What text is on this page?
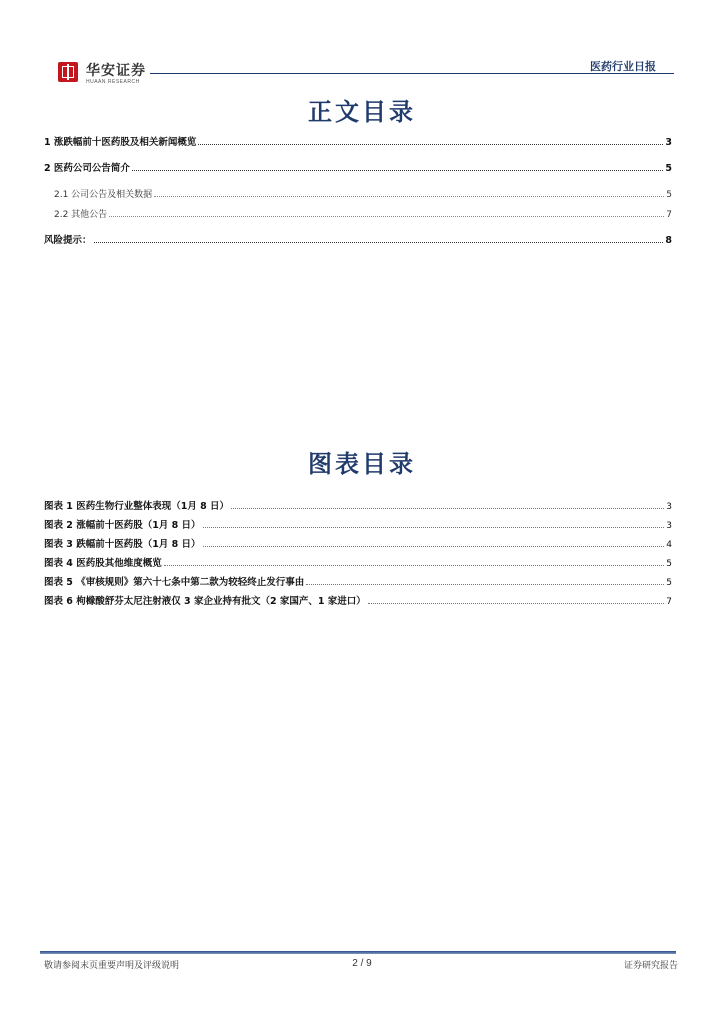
华安证券
HUAAN RESEARCH
医药行业日报
正文目录
1 涨跌幅前十医药股及相关新闻概览	3
2 医药公司公告简介	5
2.1 公司公告及相关数据	5
2.2 其他公告	7
风险提示：	8
图表目录
图表 1 医药生物行业整体表现（1月 8 日）	3
图表 2 涨幅前十医药股（1月 8 日）	3
图表 3 跌幅前十医药股（1月 8 日）	4
图表 4 医药股其他维度概览	5
图表 5 《审核规则》第六十七条中第二款为较轻终止发行事由	5
图表 6 枸橼酸舒芬太尼注射液仅 3 家企业持有批文（2 家国产、1 家进口）	7
敬请参阅末页重要声明及评级说明	2 / 9	证券研究报告
